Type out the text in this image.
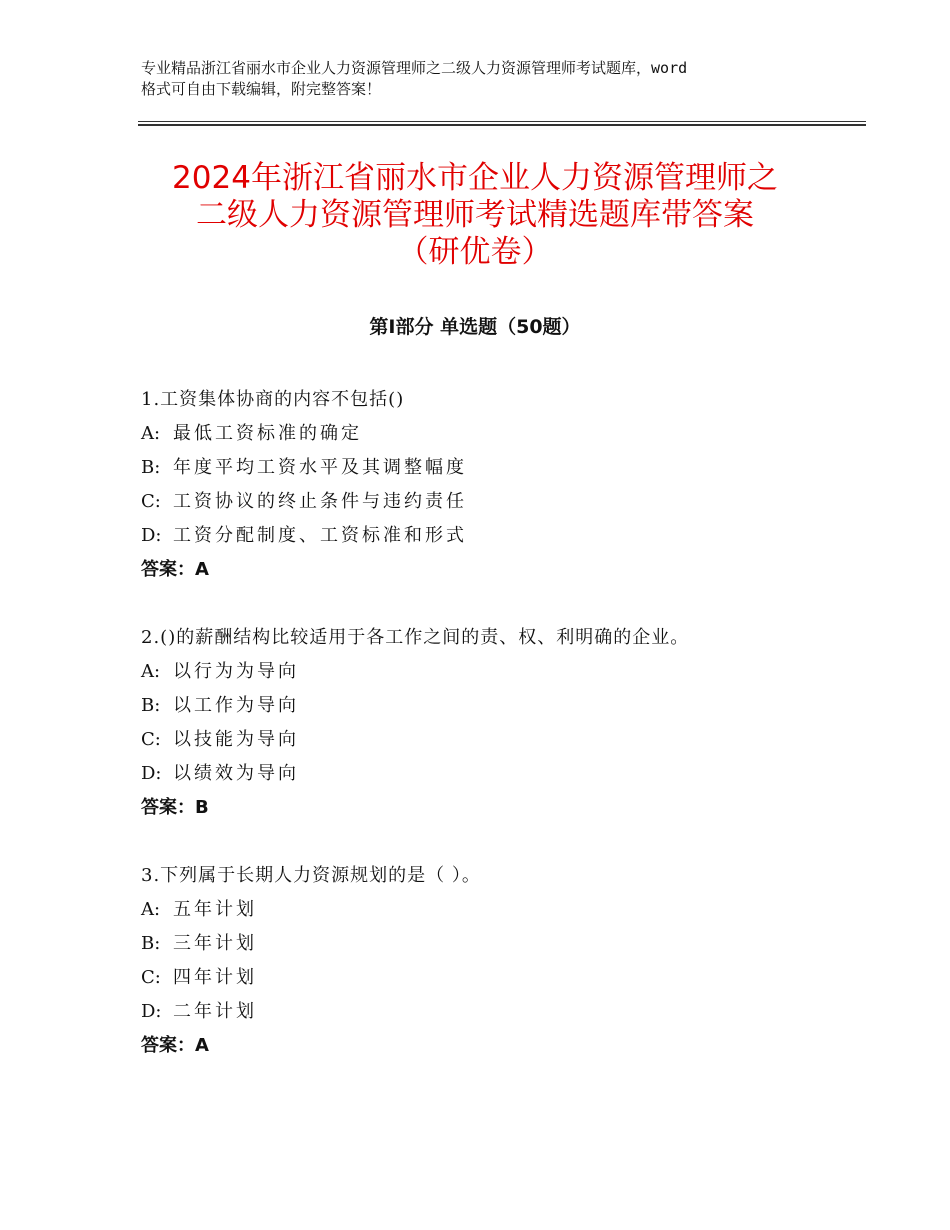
专业精品浙江省丽水市企业人力资源管理师之二级人力资源管理师考试题库，word
格式可自由下载编辑，附完整答案！
2024年浙江省丽水市企业人力资源管理师之
二级人力资源管理师考试精选题库带答案
（研优卷）
第Ⅰ部分 单选题（50题）
1.工资集体协商的内容不包括()
A: 最低工资标准的确定
B: 年度平均工资水平及其调整幅度
C: 工资协议的终止条件与违约责任
D: 工资分配制度、工资标准和形式
答案：A
2.()的薪酬结构比较适用于各工作之间的责、权、利明确的企业。
A: 以行为为导向
B: 以工作为导向
C: 以技能为导向
D: 以绩效为导向
答案：B
3.下列属于长期人力资源规划的是（ ）。
A: 五年计划
B: 三年计划
C: 四年计划
D: 二年计划
答案：A
